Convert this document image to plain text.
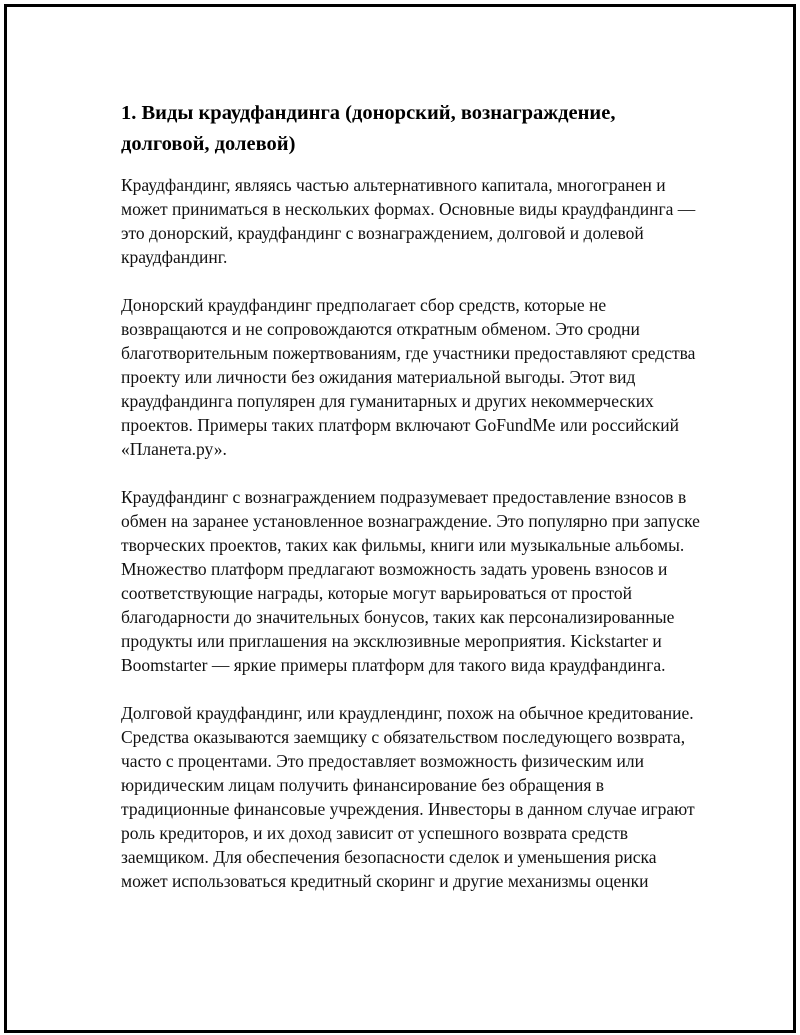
1. Виды краудфандинга (донорский, вознаграждение, долговой, долевой)

Краудфандинг, являясь частью альтернативного капитала, многогранен и может приниматься в нескольких формах. Основные виды краудфандинга — это донорский, краудфандинг с вознаграждением, долговой и долевой краудфандинг.

Донорский краудфандинг предполагает сбор средств, которые не возвращаются и не сопровождаются откратным обменом. Это сродни благотворительным пожертвованиям, где участники предоставляют средства проекту или личности без ожидания материальной выгоды. Этот вид краудфандинга популярен для гуманитарных и других некоммерческих проектов. Примеры таких платформ включают GoFundMe или российский «Планета.ру».

Краудфандинг с вознаграждением подразумевает предоставление взносов в обмен на заранее установленное вознаграждение. Это популярно при запуске творческих проектов, таких как фильмы, книги или музыкальные альбомы. Множество платформ предлагают возможность задать уровень взносов и соответствующие награды, которые могут варьироваться от простой благодарности до значительных бонусов, таких как персонализированные продукты или приглашения на эксклюзивные мероприятия. Kickstarter и Boomstarter — яркие примеры платформ для такого вида краудфандинга.

Долговой краудфандинг, или краудлендинг, похож на обычное кредитование. Средства оказываются заемщику с обязательством последующего возврата, часто с процентами. Это предоставляет возможность физическим или юридическим лицам получить финансирование без обращения в традиционные финансовые учреждения. Инвесторы в данном случае играют роль кредиторов, и их доход зависит от успешного возврата средств заемщиком. Для обеспечения безопасности сделок и уменьшения риска может использоваться кредитный скоринг и другие механизмы оценки
